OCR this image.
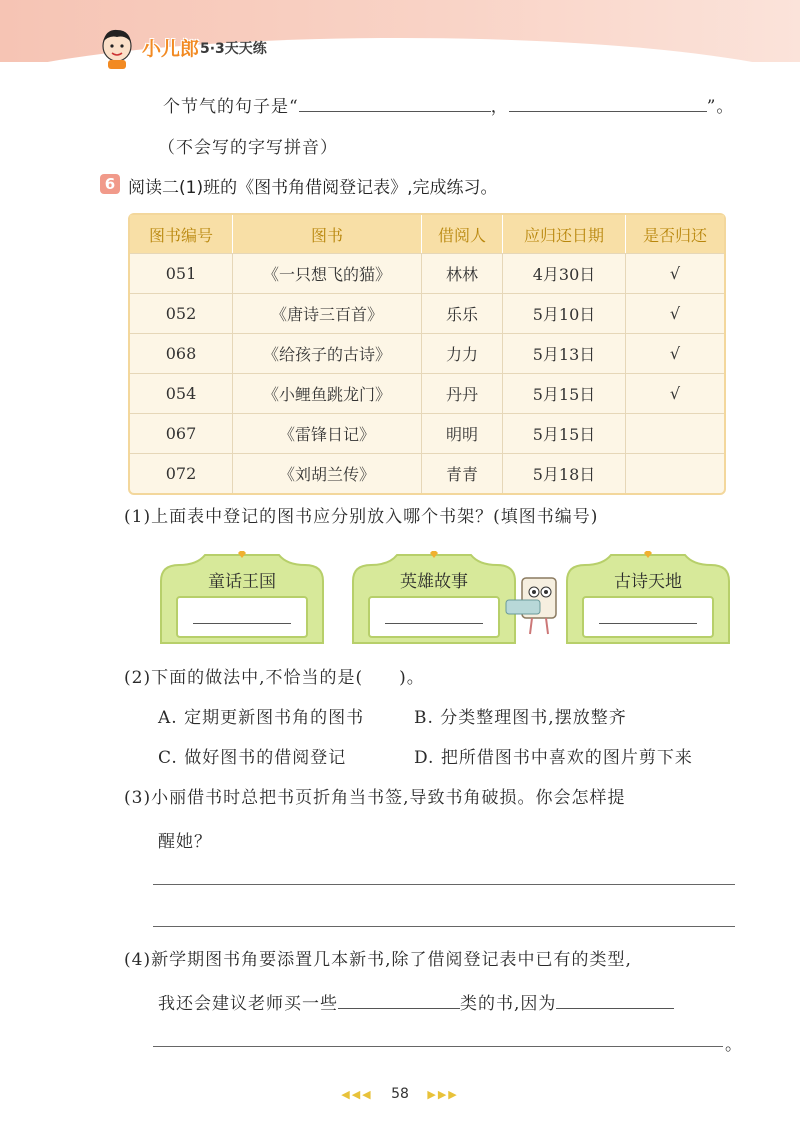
小儿郎 5·3天天练
个节气的句子是“	，	”。
（不会写的字写拼音）
6 阅读二(1)班的《图书角借阅登记表》,完成练习。
图书编号	图书	借阅人	应归还日期	是否归还
051	《一只想飞的猫》	林林	4月30日	√
052	《唐诗三百首》	乐乐	5月10日	√
068	《给孩子的古诗》	力力	5月13日	√
054	《小鲤鱼跳龙门》	丹丹	5月15日	√
067	《雷锋日记》	明明	5月15日	
072	《刘胡兰传》	青青	5月18日	
(1)上面表中登记的图书应分别放入哪个书架？(填图书编号)
童话王国	英雄故事	古诗天地
(2)下面的做法中,不恰当的是(　　)。
A. 定期更新图书角的图书	B. 分类整理图书,摆放整齐
C. 做好图书的借阅登记	D. 把所借图书中喜欢的图片剪下来
(3)小丽借书时总把书页折角当书签,导致书角破损。你会怎样提
醒她？
(4)新学期图书角要添置几本新书,除了借阅登记表中已有的类型,
我还会建议老师买一些	类的书,因为
。
◀◀◀ 58 ▶▶▶
